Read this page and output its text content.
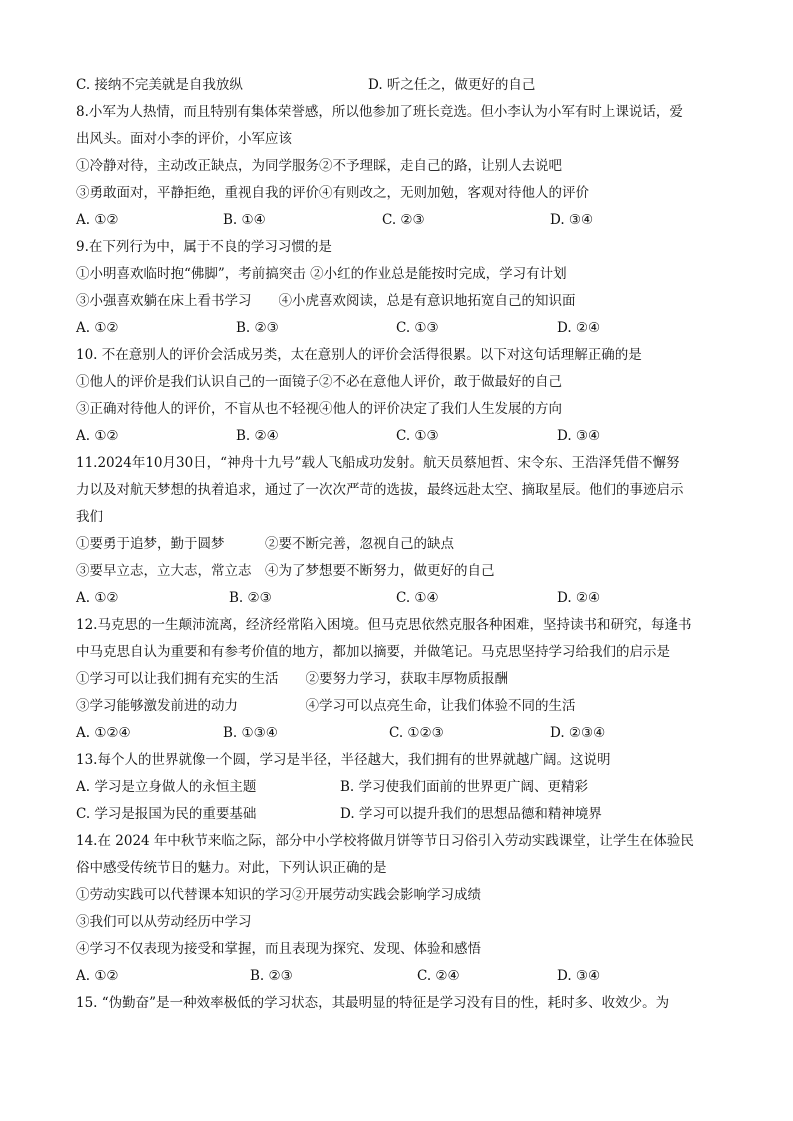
C. 接纳不完美就是自我放纵	D. 听之任之，做更好的自己
8.小军为人热情，而且特别有集体荣誉感，所以他参加了班长竞选。但小李认为小军有时上课说话，爱
出风头。面对小李的评价，小军应该
①冷静对待，主动改正缺点，为同学服务②不予理睬，走自己的路，让别人去说吧
③勇敢面对，平静拒绝，重视自我的评价④有则改之，无则加勉，客观对待他人的评价
A. ①②	B. ①④	C. ②③	D. ③④
9.在下列行为中，属于不良的学习习惯的是
①小明喜欢临时抱“佛脚”，考前搞突击 ②小红的作业总是能按时完成，学习有计划
③小强喜欢躺在床上看书学习　　④小虎喜欢阅读，总是有意识地拓宽自己的知识面
A. ①②	B. ②③	C. ①③	D. ②④
10. 不在意别人的评价会活成另类，太在意别人的评价会活得很累。以下对这句话理解正确的是
①他人的评价是我们认识自己的一面镜子②不必在意他人评价，敢于做最好的自己
③正确对待他人的评价，不盲从也不轻视④他人的评价决定了我们人生发展的方向
A. ①②	B. ②④	C. ①③	D. ③④
11.2024年10月30日，“神舟十九号”载人飞船成功发射。航天员蔡旭哲、宋令东、王浩泽凭借不懈努
力以及对航天梦想的执着追求，通过了一次次严苛的选拔，最终远赴太空、摘取星辰。他们的事迹启示
我们
①要勇于追梦，勤于圆梦　　　②要不断完善，忽视自己的缺点
③要早立志，立大志，常立志　④为了梦想要不断努力，做更好的自己
A. ①②	B. ②③	C. ①④	D. ②④
12.马克思的一生颠沛流离，经济经常陷入困境。但马克思依然克服各种困难，坚持读书和研究，每逢书
中马克思自认为重要和有参考价值的地方，都加以摘要，并做笔记。马克思坚持学习给我们的启示是
①学习可以让我们拥有充实的生活　　②要努力学习，获取丰厚物质报酬
③学习能够激发前进的动力　　　　　④学习可以点亮生命，让我们体验不同的生活
A. ①②④	B. ①③④	C. ①②③	D. ②③④
13.每个人的世界就像一个圆，学习是半径，半径越大，我们拥有的世界就越广阔。这说明
A. 学习是立身做人的永恒主题	B. 学习使我们面前的世界更广阔、更精彩
C. 学习是报国为民的重要基础	D. 学习可以提升我们的思想品德和精神境界
14.在 2024 年中秋节来临之际，部分中小学校将做月饼等节日习俗引入劳动实践课堂，让学生在体验民
俗中感受传统节日的魅力。对此，下列认识正确的是
①劳动实践可以代替课本知识的学习②开展劳动实践会影响学习成绩
③我们可以从劳动经历中学习
④学习不仅表现为接受和掌握，而且表现为探究、发现、体验和感悟
A. ①②	B. ②③	C. ②④	D. ③④
15. “伪勤奋”是一种效率极低的学习状态，其最明显的特征是学习没有目的性，耗时多、收效少。为
